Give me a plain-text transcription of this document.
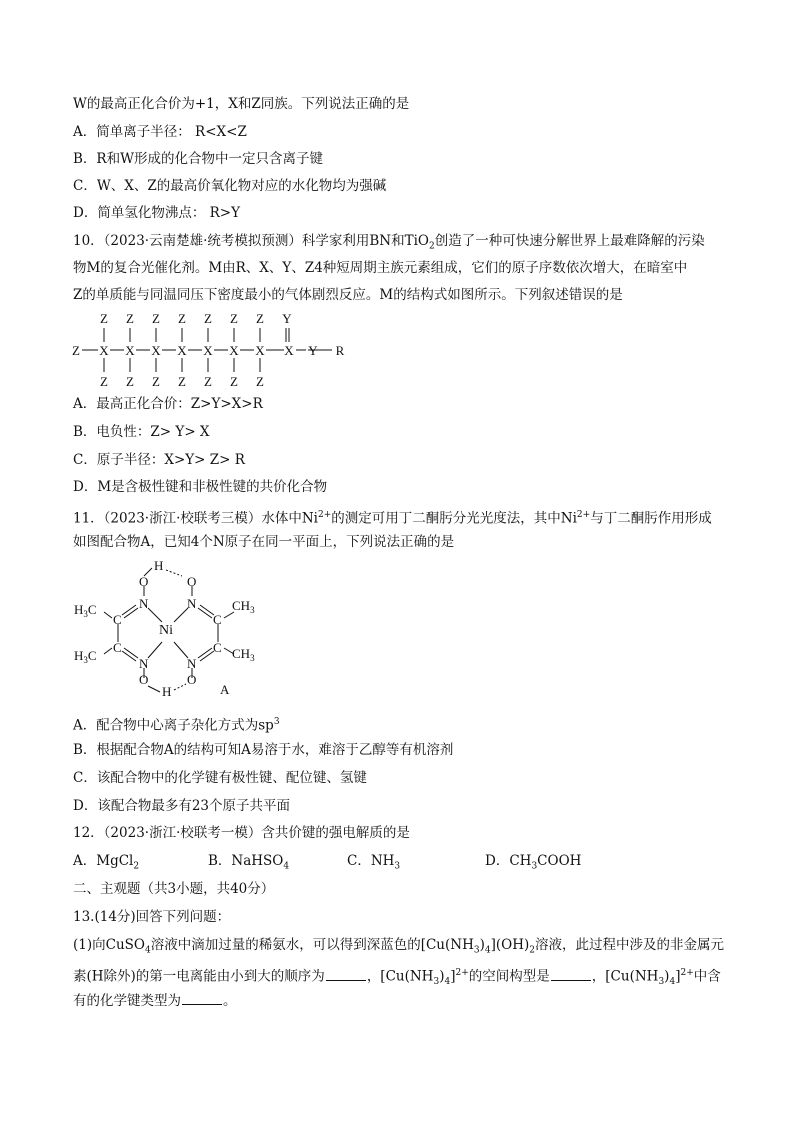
W的最高正化合价为+1，X和Z同族。下列说法正确的是
A．简单离子半径： R<X<Z
B．R和W形成的化合物中一定只含离子键
C．W、X、Z的最高价氧化物对应的水化物均为强碱
D．简单氢化物沸点： R>Y
10．（2023·云南楚雄·统考模拟预测）科学家利用BN和TiO$_2$创造了一种可快速分解世界上最难降解的污染
物M的复合光催化剂。M由R、X、Y、Z4种短周期主族元素组成，它们的原子序数依次增大，在暗室中
Z的单质能与同温同压下密度最小的气体剧烈反应。M的结构式如图所示。下列叙述错误的是
Z Z Z Z Z Z Z Y
Z X X X X X X X X Y R
Z Z Z Z Z Z Z
A．最高正化合价：Z>Y>X>R
B．电负性：Z> Y> X
C．原子半径：X>Y> Z> R
D．M是含极性键和非极性键的共价化合物
11．（2023·浙江·校联考三模）水体中$Ni^{2+}$的测定可用丁二酮肟分光光度法，其中$Ni^{2+}$与丁二酮肟作用形成
如图配合物A，已知4个N原子在同一平面上，下列说法正确的是
H
O	O
N	N
C	C
Ni
C	C
N	N
O	O
H
$H_3C$
$H_3C$
$CH_3$
$CH_3$
A
A．配合物中心离子杂化方式为$sp^3$
B．根据配合物A的结构可知A易溶于水，难溶于乙醇等有机溶剂
C．该配合物中的化学键有极性键、配位键、氢键
D．该配合物最多有23个原子共平面
12．（2023·浙江·校联考一模）含共价键的强电解质的是
A．MgCl$_2$	B．NaHSO$_4$	C．$NH_3$	D．$CH_3COOH$
二、主观题（共3小题，共40分）
13.(14分)回答下列问题：
(1)向CuSO$_4$溶液中滴加过量的稀氨水，可以得到深蓝色的$[Cu(NH_3)_4](OH)_2$溶液，此过程中涉及的非金属元
素(H除外)的第一电离能由小到大的顺序为	，$[Cu(NH_3)_4]^{2+}$的空间构型是	，$[Cu(NH_3)_4]^{2+}$中含
有的化学键类型为	。
